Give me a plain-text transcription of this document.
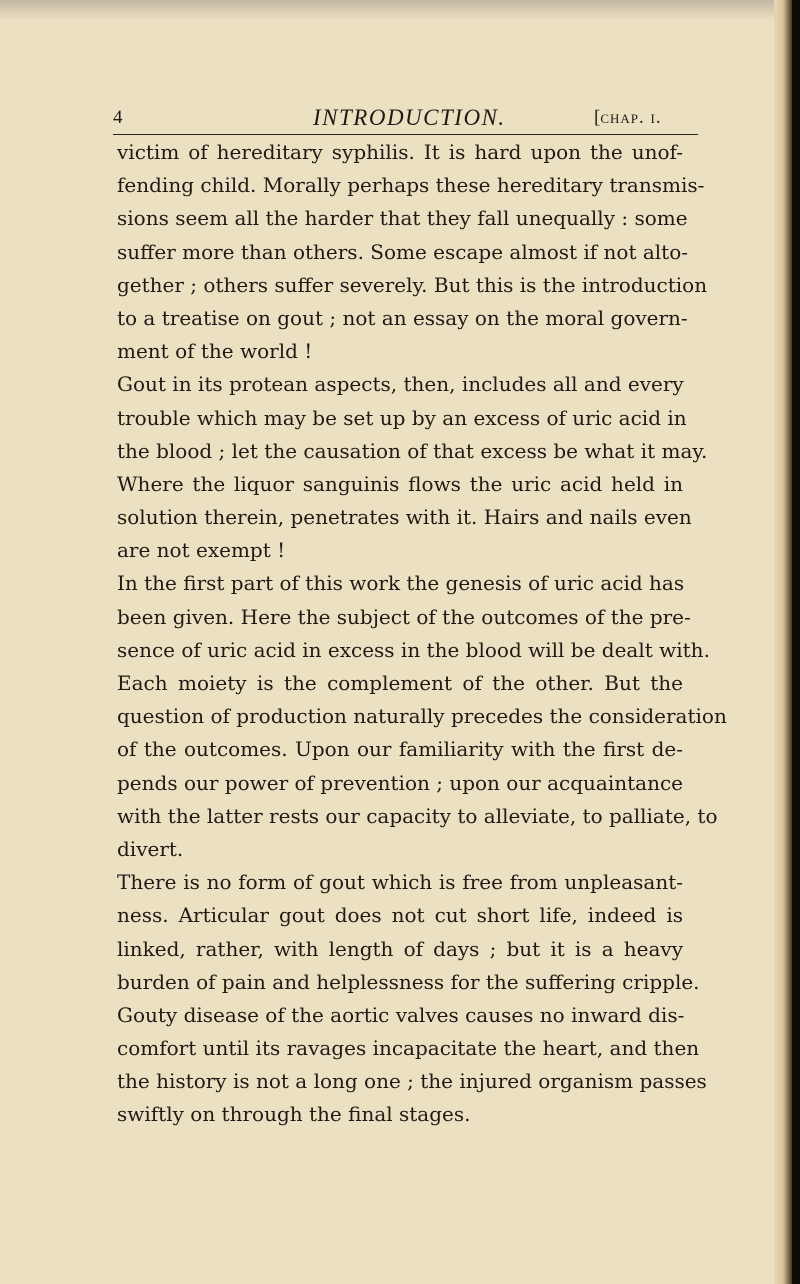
4	INTRODUCTION.	[chap. i.
victim of hereditary syphilis. It is hard upon the unof-
fending child. Morally perhaps these hereditary transmis-
sions seem all the harder that they fall unequally : some
suffer more than others. Some escape almost if not alto-
gether ; others suffer severely. But this is the introduction
to a treatise on gout ; not an essay on the moral govern-
ment of the world !
Gout in its protean aspects, then, includes all and every
trouble which may be set up by an excess of uric acid in
the blood ; let the causation of that excess be what it may.
Where the liquor sanguinis flows the uric acid held in
solution therein, penetrates with it. Hairs and nails even
are not exempt !
In the first part of this work the genesis of uric acid has
been given. Here the subject of the outcomes of the pre-
sence of uric acid in excess in the blood will be dealt with.
Each moiety is the complement of the other. But the
question of production naturally precedes the consideration
of the outcomes. Upon our familiarity with the first de-
pends our power of prevention ; upon our acquaintance
with the latter rests our capacity to alleviate, to palliate, to
divert.
There is no form of gout which is free from unpleasant-
ness. Articular gout does not cut short life, indeed is
linked, rather, with length of days ; but it is a heavy
burden of pain and helplessness for the suffering cripple.
Gouty disease of the aortic valves causes no inward dis-
comfort until its ravages incapacitate the heart, and then
the history is not a long one ; the injured organism passes
swiftly on through the final stages.
